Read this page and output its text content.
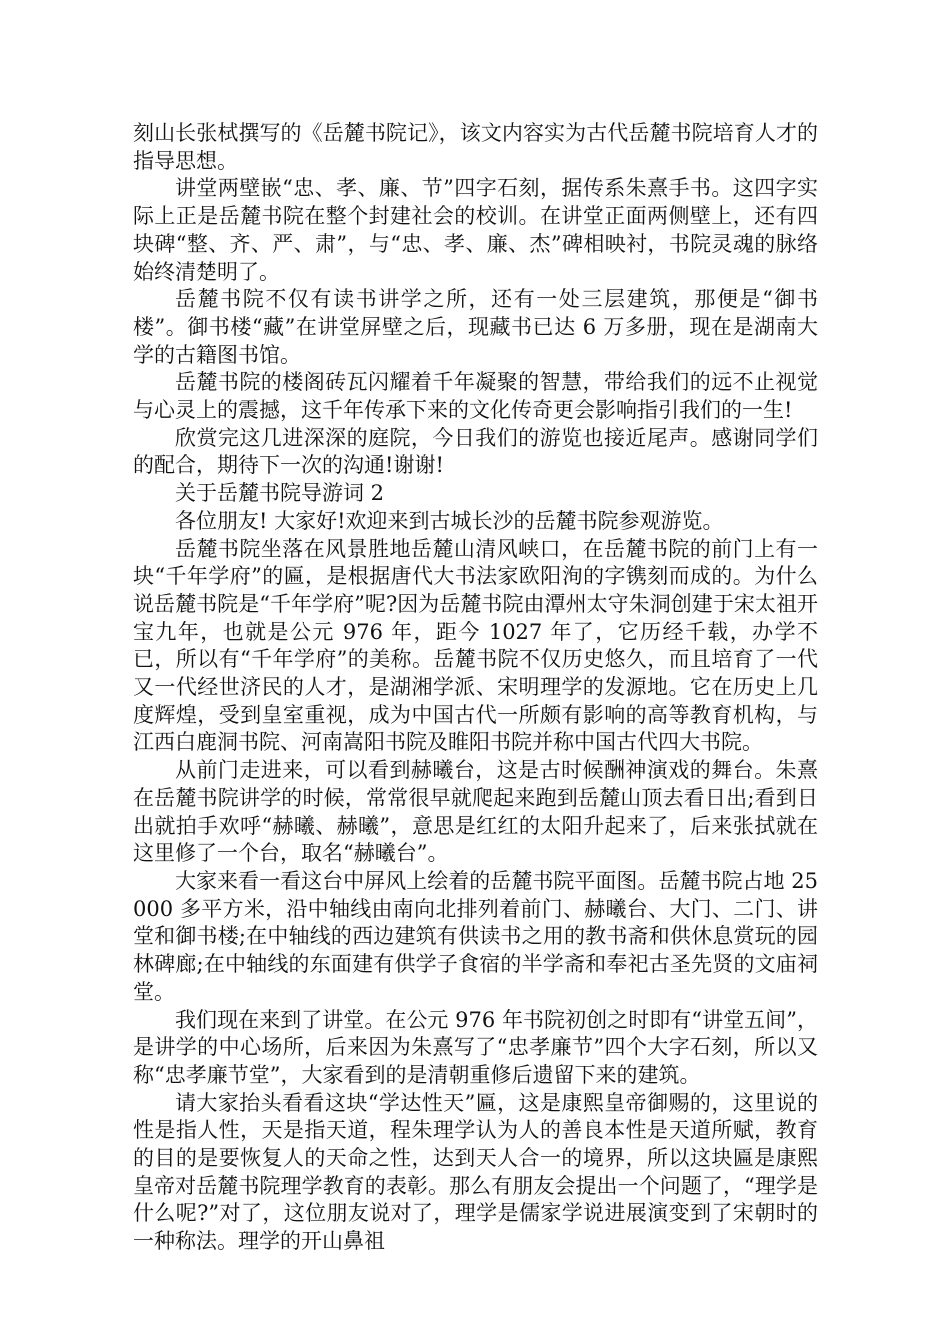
刻山长张栻撰写的《岳麓书院记》，该文内容实为古代岳麓书院培育人才的指导思想。

讲堂两壁嵌“忠、孝、廉、节”四字石刻，据传系朱熹手书。这四字实际上正是岳麓书院在整个封建社会的校训。在讲堂正面两侧壁上，还有四块碑“整、齐、严、肃”，与“忠、孝、廉、杰”碑相映衬，书院灵魂的脉络始终清楚明了。

岳麓书院不仅有读书讲学之所，还有一处三层建筑，那便是“御书楼”。御书楼“藏”在讲堂屏壁之后，现藏书已达 6 万多册，现在是湖南大学的古籍图书馆。

岳麓书院的楼阁砖瓦闪耀着千年凝聚的智慧，带给我们的远不止视觉与心灵上的震撼，这千年传承下来的文化传奇更会影响指引我们的一生!

欣赏完这几进深深的庭院，今日我们的游览也接近尾声。感谢同学们的配合，期待下一次的沟通!谢谢!

关于岳麓书院导游词 2

各位朋友! 大家好!欢迎来到古城长沙的岳麓书院参观游览。

岳麓书院坐落在风景胜地岳麓山清风峡口，在岳麓书院的前门上有一块“千年学府”的匾，是根据唐代大书法家欧阳洵的字镌刻而成的。为什么说岳麓书院是“千年学府”呢?因为岳麓书院由潭州太守朱洞创建于宋太祖开宝九年，也就是公元 976 年，距今 1027 年了，它历经千载，办学不已，所以有“千年学府”的美称。岳麓书院不仅历史悠久，而且培育了一代又一代经世济民的人才，是湖湘学派、宋明理学的发源地。它在历史上几度辉煌，受到皇室重视，成为中国古代一所颇有影响的高等教育机构，与江西白鹿洞书院、河南嵩阳书院及睢阳书院并称中国古代四大书院。

从前门走进来，可以看到赫曦台，这是古时候酬神演戏的舞台。朱熹在岳麓书院讲学的时候，常常很早就爬起来跑到岳麓山顶去看日出;看到日出就拍手欢呼“赫曦、赫曦”，意思是红红的太阳升起来了，后来张拭就在这里修了一个台，取名“赫曦台”。

大家来看一看这台中屏风上绘着的岳麓书院平面图。岳麓书院占地 25000 多平方米，沿中轴线由南向北排列着前门、赫曦台、大门、二门、讲堂和御书楼;在中轴线的西边建筑有供读书之用的教书斋和供休息赏玩的园林碑廊;在中轴线的东面建有供学子食宿的半学斋和奉祀古圣先贤的文庙祠堂。

我们现在来到了讲堂。在公元 976 年书院初创之时即有“讲堂五间”，是讲学的中心场所，后来因为朱熹写了“忠孝廉节”四个大字石刻，所以又称“忠孝廉节堂”，大家看到的是清朝重修后遗留下来的建筑。

请大家抬头看看这块“学达性天”匾，这是康熙皇帝御赐的，这里说的性是指人性，天是指天道，程朱理学认为人的善良本性是天道所赋，教育的目的是要恢复人的天命之性，达到天人合一的境界，所以这块匾是康熙皇帝对岳麓书院理学教育的表彰。那么有朋友会提出一个问题了，“理学是什么呢?”对了，这位朋友说对了，理学是儒家学说进展演变到了宋朝时的一种称法。理学的开山鼻祖
